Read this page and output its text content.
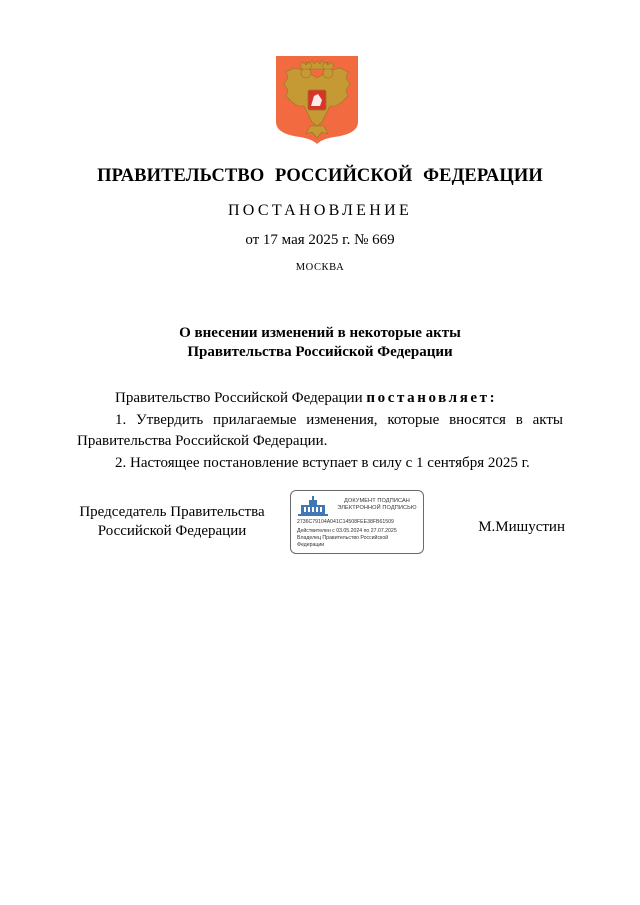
ПРАВИТЕЛЬСТВО РОССИЙСКОЙ ФЕДЕРАЦИИ
ПОСТАНОВЛЕНИЕ
от 17 мая 2025 г. № 669
МОСКВА
О внесении изменений в некоторые акты
Правительства Российской Федерации

Правительство Российской Федерации постановляет:

1. Утвердить прилагаемые изменения, которые вносятся в акты Правительства Российской Федерации.

2. Настоящее постановление вступает в силу с 1 сентября 2025 г.

Председатель Правительства
Российской Федерации
ДОКУМЕНТ ПОДПИСАН
ЭЛЕКТРОННОЙ ПОДПИСЬЮ
2736C79104A041C14508FEE38FB61509
Действителен с 03.05.2024 по 27.07.2025
Владелец Правительство Российской
Федерации
М.Мишустин
